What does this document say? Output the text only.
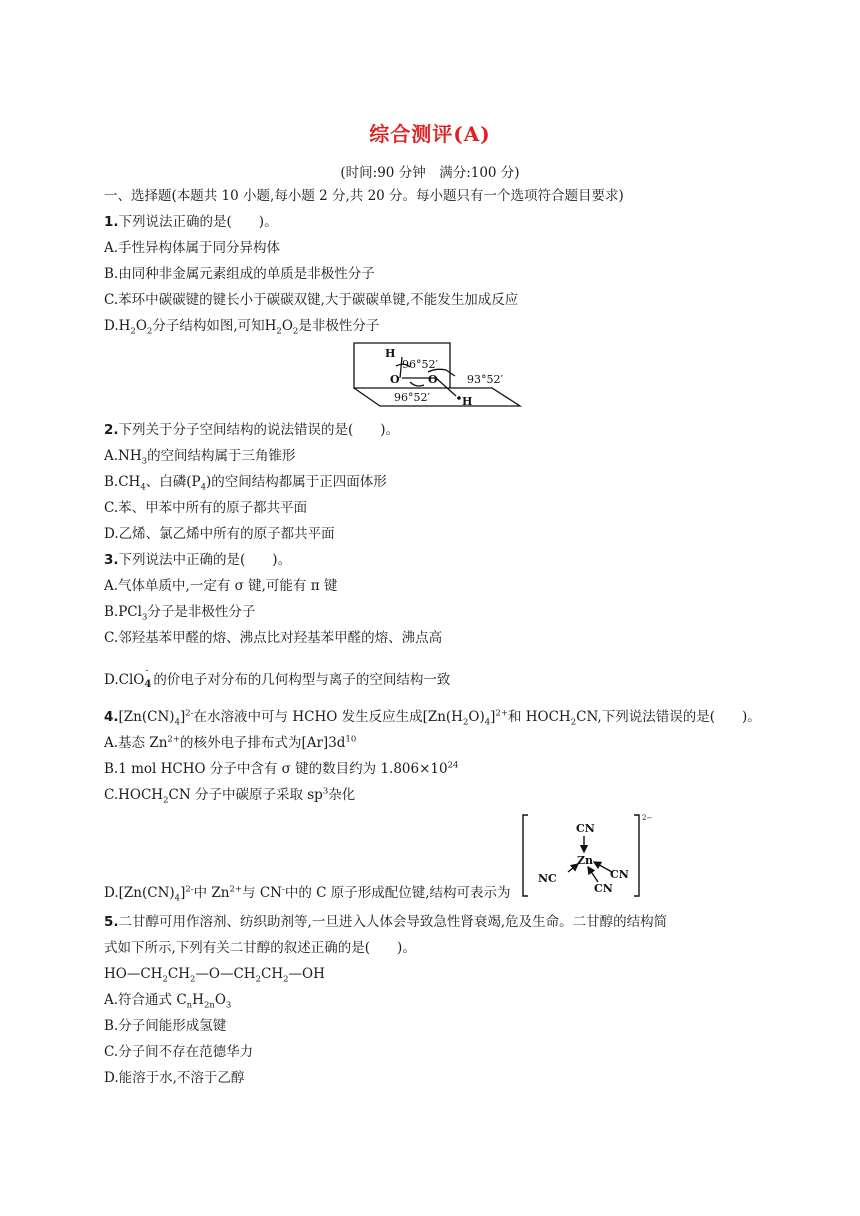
综合测评(A)
(时间:90 分钟　满分:100 分)
一、选择题(本题共 10 小题,每小题 2 分,共 20 分。每小题只有一个选项符合题目要求)
1.下列说法正确的是(　　)。
A.手性异构体属于同分异构体
B.由同种非金属元素组成的单质是非极性分子
C.苯环中碳碳键的键长小于碳碳双键,大于碳碳单键,不能发生加成反应
$D.H_2O_2$分子结构如图,可知$H_2O_2$是非极性分子
H
96°52′
O	O	93°52′
96°52′	H
2.下列关于分子空间结构的说法错误的是(　　)。
$A.NH_3$的空间结构属于三角锥形
$B.CH_4$、白磷$(P_4)$的空间结构都属于正四面体形
C.苯、甲苯中所有的原子都共平面
D.乙烯、氯乙烯中所有的原子都共平面
3.下列说法中正确的是(　　)。
A.气体单质中,一定有 σ 键,可能有 π 键
B.PCl$_3$分子是非极性分子
C.邻羟基苯甲醛的熔、沸点比对羟基苯甲醛的熔、沸点高
D.ClO
-
4 的价电子对分布的几何构型与离子的空间结构一致
$4.[Zn(CN)_4]^{2-}$在水溶液中可与 HCHO 发生反应生成$[Zn(H_2O)_4]^{2+}$和 $HOCH_2CN$,下列说法错误的是(　　)。
A.基态 $Zn^{2+}$的核外电子排布式为$[Ar]3d^{10}$
B.1 mol HCHO 分子中含有 σ 键的数目约为 $1.806\times 10^{24}$
$C.HOCH_2CN$ 分子中碳原子采取 $sp^3$杂化
$D.[Zn(CN)_4]^{2-}$中 $Zn^{2+}$与 CN-中的 C 原子形成配位键,结构可表示为
CN
Zn
NC	CN
CN
2−
5.二甘醇可用作溶剂、纺织助剂等,一旦进入人体会导致急性肾衰竭,危及生命。二甘醇的结构简
式如下所示,下列有关二甘醇的叙述正确的是(　　)。
$HO—CH_2CH_2—O—CH_2CH_2—OH$
A.符合通式 $C_nH_{2n}O_3$
B.分子间能形成氢键
C.分子间不存在范德华力
D.能溶于水,不溶于乙醇
